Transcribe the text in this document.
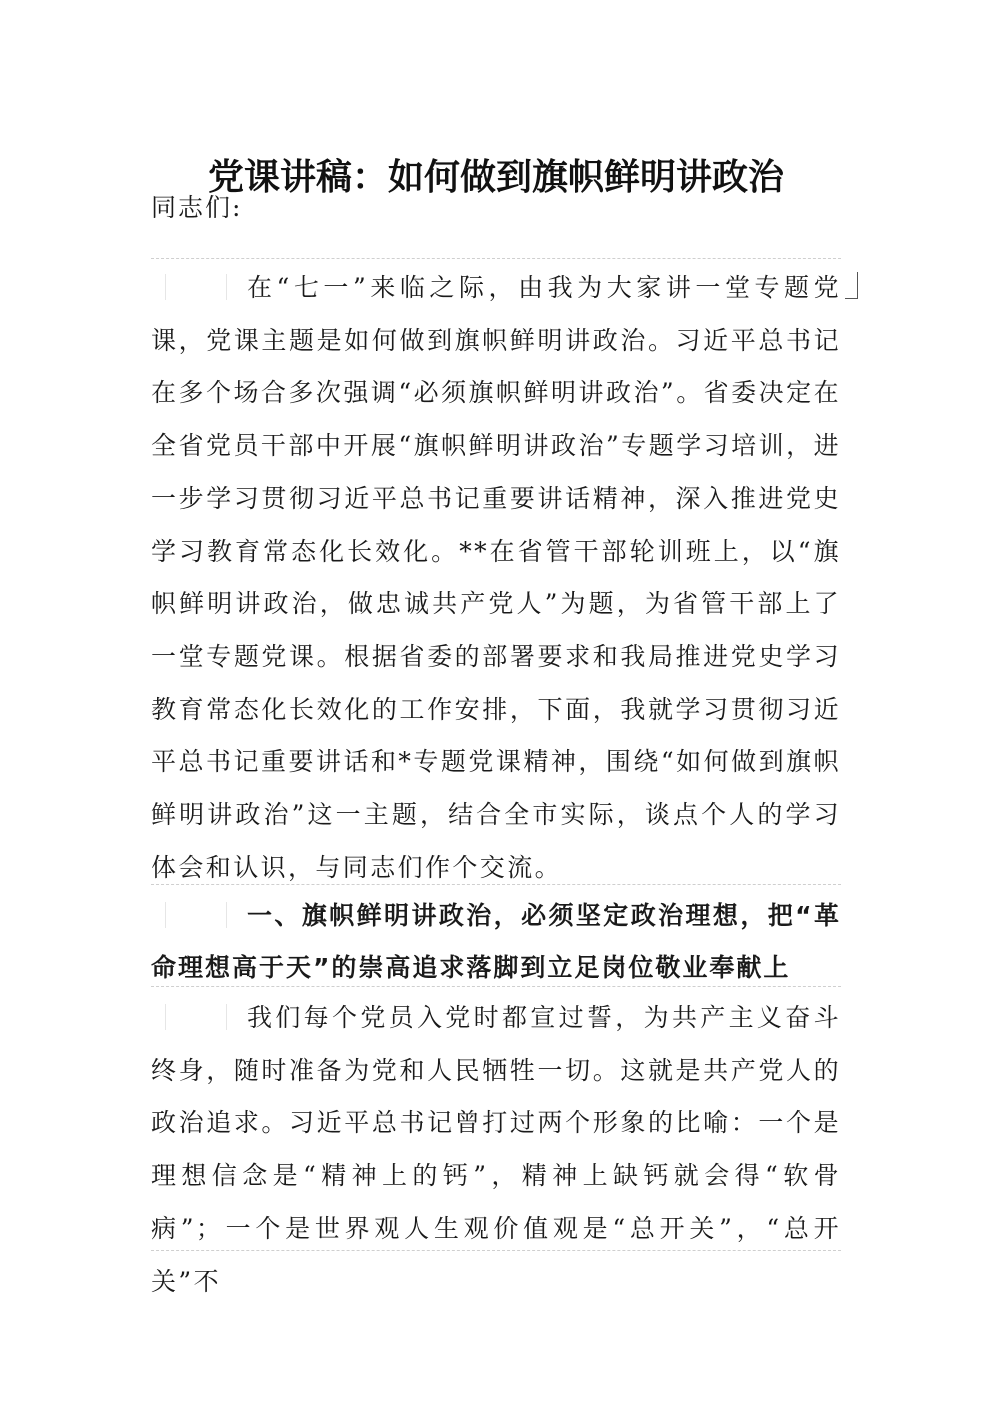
党课讲稿：如何做到旗帜鲜明讲政治
同志们:

在“七一”来临之际，由我为大家讲一堂专题党课，党课主题是如何做到旗帜鲜明讲政治。习近平总书记在多个场合多次强调“必须旗帜鲜明讲政治”。省委决定在全省党员干部中开展“旗帜鲜明讲政治”专题学习培训，进一步学习贯彻习近平总书记重要讲话精神，深入推进党史学习教育常态化长效化。**在省管干部轮训班上，以“旗帜鲜明讲政治，做忠诚共产党人”为题，为省管干部上了一堂专题党课。根据省委的部署要求和我局推进党史学习教育常态化长效化的工作安排，下面，我就学习贯彻习近平总书记重要讲话和*专题党课精神，围绕“如何做到旗帜鲜明讲政治”这一主题，结合全市实际，谈点个人的学习体会和认识，与同志们作个交流。

一、旗帜鲜明讲政治，必须坚定政治理想，把“革命理想高于天”的崇高追求落脚到立足岗位敬业奉献上

我们每个党员入党时都宣过誓，为共产主义奋斗终身，随时准备为党和人民牺牲一切。这就是共产党人的政治追求。习近平总书记曾打过两个形象的比喻：一个是理想信念是“精神上的钙”，精神上缺钙就会得“软骨病”；一个是世界观人生观价值观是“总开关”，“总开关”不
